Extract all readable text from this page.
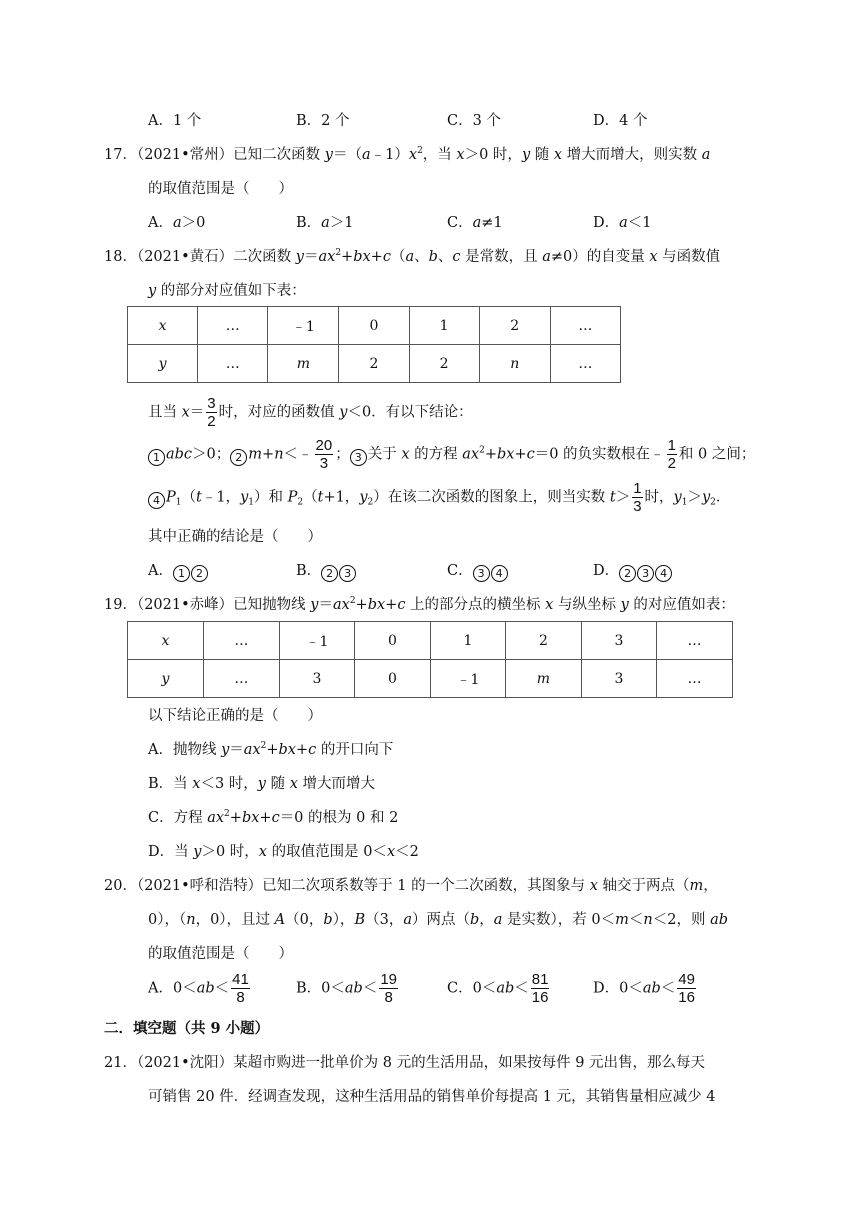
A．1 个	B．2 个	C．3 个	D．4 个
17．（2021•常州）已知二次函数 $y=(a﹣1)x^2$，当 x＞0 时，y 随 x 增大而增大，则实数 a
的取值范围是（　　）
A．a＞0	B．a＞1	C．a≠1	D．a＜1
18．（2021•黄石）二次函数 $y=ax^2+bx+c(a$、b、c 是常数，且 a≠0）的自变量 x 与函数值
y 的部分对应值如下表：
x	…	﹣1	0	1	2	…
y	…	m	2	2	n	…
且当 $x= \frac{3}{2}$ 时，对应的函数值 y＜0．有以下结论：
1 abc＞0； 2 m+n＜﹣ $\frac{20}{3}$ ； 3 关于 x 的方程 $ax^2+bx+c=0$ 的负实数根在﹣ $\frac{1}{2}$ 和 0 之间；
4 $P_1(t﹣1$，$y_1$）和 $P_2(t+1$，$y_2$）在该二次函数的图象上，则当实数 $t> \frac{1}{3}$ 时，$y_1>y_2$．
其中正确的结论是（　　）
A． 1 2	B． 2 3	C． 3 4	D． 2 3 4
19．（2021•赤峰）已知抛物线 $y=ax^2+bx+c$ 上的部分点的横坐标 x 与纵坐标 y 的对应值如表：
x	…	﹣1	0	1	2	3	…
y	…	3	0	﹣1	m	3	…
以下结论正确的是（　　）
A．抛物线 $y=ax^2+bx+c$ 的开口向下
B．当 x＜3 时，y 随 x 增大而增大
C．方程 $ax^2+bx+c=0$ 的根为 0 和 2
D．当 y＞0 时，x 的取值范围是 0＜x＜2
20．（2021•呼和浩特）已知二次项系数等于 1 的一个二次函数，其图象与 x 轴交于两点（m，
0），（n，0），且过 A（0，b），B（3，a）两点（b，a 是实数），若 0＜m＜n＜2，则 ab
的取值范围是（　　）
A．$0<ab< \frac{41}{8}$	B．$0<ab< \frac{19}{8}$	C．$0<ab< \frac{81}{16}$	D．$0<ab< \frac{49}{16}$
二．填空题（共 9 小题）
21．（2021•沈阳）某超市购进一批单价为 8 元的生活用品，如果按每件 9 元出售，那么每天
可销售 20 件．经调查发现，这种生活用品的销售单价每提高 1 元，其销售量相应减少 4
